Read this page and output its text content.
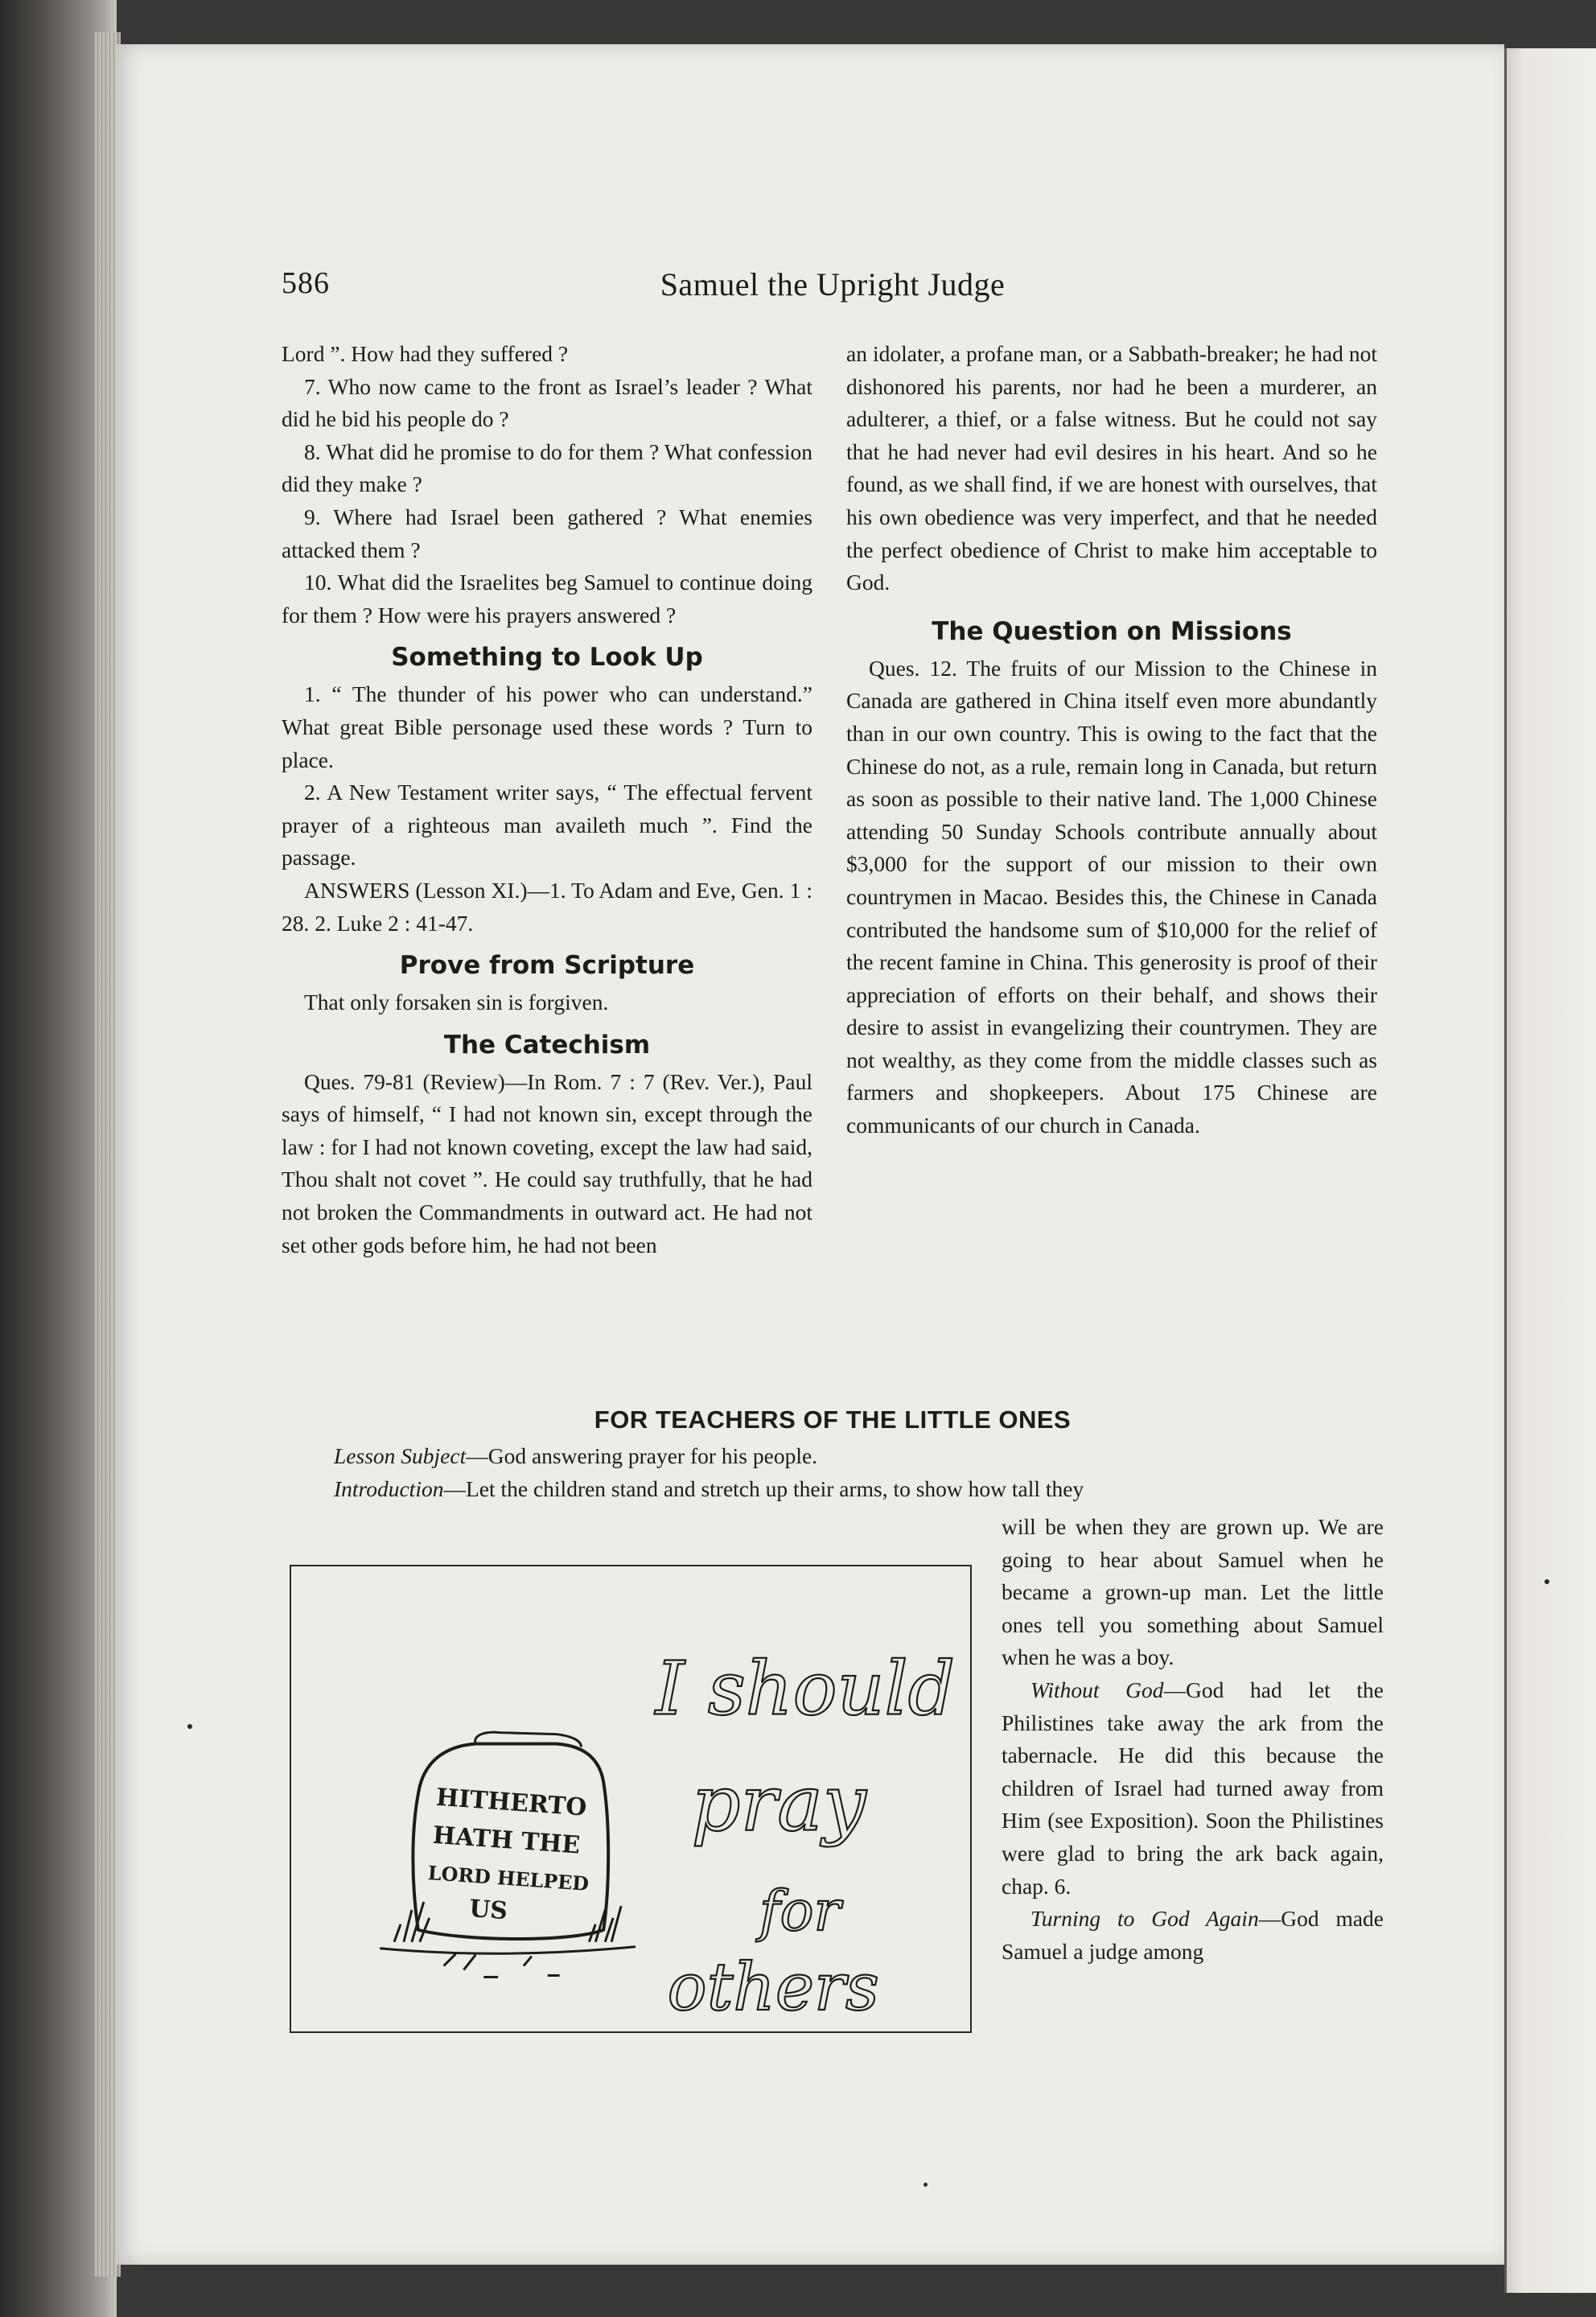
586	Samuel the Upright Judge

Lord ”. How had they suffered ?

7. Who now came to the front as Israel’s leader ? What did he bid his people do ?

8. What did he promise to do for them ? What confession did they make ?

9. Where had Israel been gathered ? What enemies attacked them ?

10. What did the Israelites beg Samuel to continue doing for them ? How were his prayers answered ?

Something to Look Up

1. “ The thunder of his power who can understand.” What great Bible personage used these words ? Turn to place.

2. A New Testament writer says, “ The effectual fervent prayer of a righteous man availeth much ”. Find the passage.

ANSWERS (Lesson XI.)—1. To Adam and Eve, Gen. 1 : 28. 2. Luke 2 : 41-47.

Prove from Scripture

That only forsaken sin is forgiven.

The Catechism

Ques. 79-81 (Review)—In Rom. 7 : 7 (Rev. Ver.), Paul says of himself, “ I had not known sin, except through the law : for I had not known coveting, except the law had said, Thou shalt not covet ”. He could say truthfully, that he had not broken the Commandments in outward act. He had not set other gods before him, he had not been

an idolater, a profane man, or a Sabbath-breaker; he had not dishonored his parents, nor had he been a murderer, an adulterer, a thief, or a false witness. But he could not say that he had never had evil desires in his heart. And so he found, as we shall find, if we are honest with ourselves, that his own obedience was very imperfect, and that he needed the perfect obedience of Christ to make him acceptable to God.

The Question on Missions

Ques. 12. The fruits of our Mission to the Chinese in Canada are gathered in China itself even more abundantly than in our own country. This is owing to the fact that the Chinese do not, as a rule, remain long in Canada, but return as soon as possible to their native land. The 1,000 Chinese attending 50 Sunday Schools contribute annually about $3,000 for the support of our mission to their own countrymen in Macao. Besides this, the Chinese in Canada contributed the handsome sum of $10,000 for the relief of the recent famine in China. This generosity is proof of their appreciation of efforts on their behalf, and shows their desire to assist in evangelizing their countrymen. They are not wealthy, as they come from the middle classes such as farmers and shopkeepers. About 175 Chinese are communicants of our church in Canada.

FOR TEACHERS OF THE LITTLE ONES

Lesson Subject—God answering prayer for his people.

Introduction—Let the children stand and stretch up their arms, to show how tall they

will be when they are grown up. We are going to hear about Samuel when he became a grown-up man. Let the little ones tell you something about Samuel when he was a boy.

Without God—God had let the Philistines take away the ark from the tabernacle. He did this because the children of Israel had turned away from Him (see Exposition). Soon the Philistines were glad to bring the ark back again, chap. 6.

Turning to God Again—God made Samuel a judge among

HITHERTO
HATH THE
LORD HELPED
US
I should
pray
for
others
